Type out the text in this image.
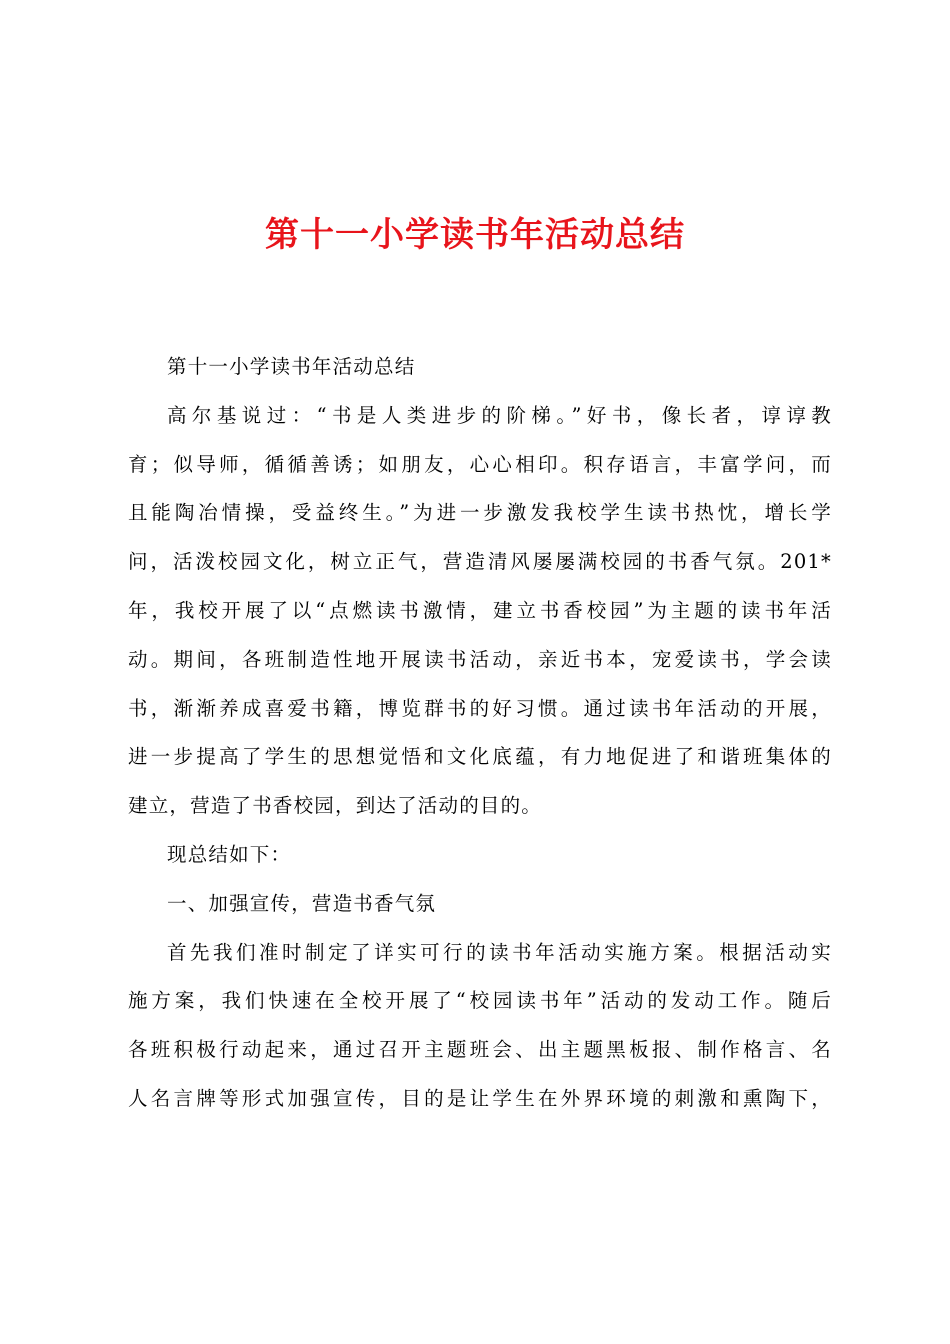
第十一小学读书年活动总结

第十一小学读书年活动总结

高尔基说过：“书是人类进步的阶梯。”好书，像长者，谆谆教
育；似导师，循循善诱；如朋友，心心相印。积存语言，丰富学问，而
且能陶冶情操，受益终生。”为进一步激发我校学生读书热忱，增长学
问，活泼校园文化，树立正气，营造清风屡屡满校园的书香气氛。201*
年，我校开展了以“点燃读书激情，建立书香校园”为主题的读书年活
动。期间，各班制造性地开展读书活动，亲近书本，宠爱读书，学会读
书，渐渐养成喜爱书籍，博览群书的好习惯。通过读书年活动的开展，
进一步提高了学生的思想觉悟和文化底蕴，有力地促进了和谐班集体的
建立，营造了书香校园，到达了活动的目的。

现总结如下：

一、加强宣传，营造书香气氛

首先我们准时制定了详实可行的读书年活动实施方案。根据活动实
施方案，我们快速在全校开展了“校园读书年”活动的发动工作。随后
各班积极行动起来，通过召开主题班会、出主题黑板报、制作格言、名
人名言牌等形式加强宣传，目的是让学生在外界环境的刺激和熏陶下，
